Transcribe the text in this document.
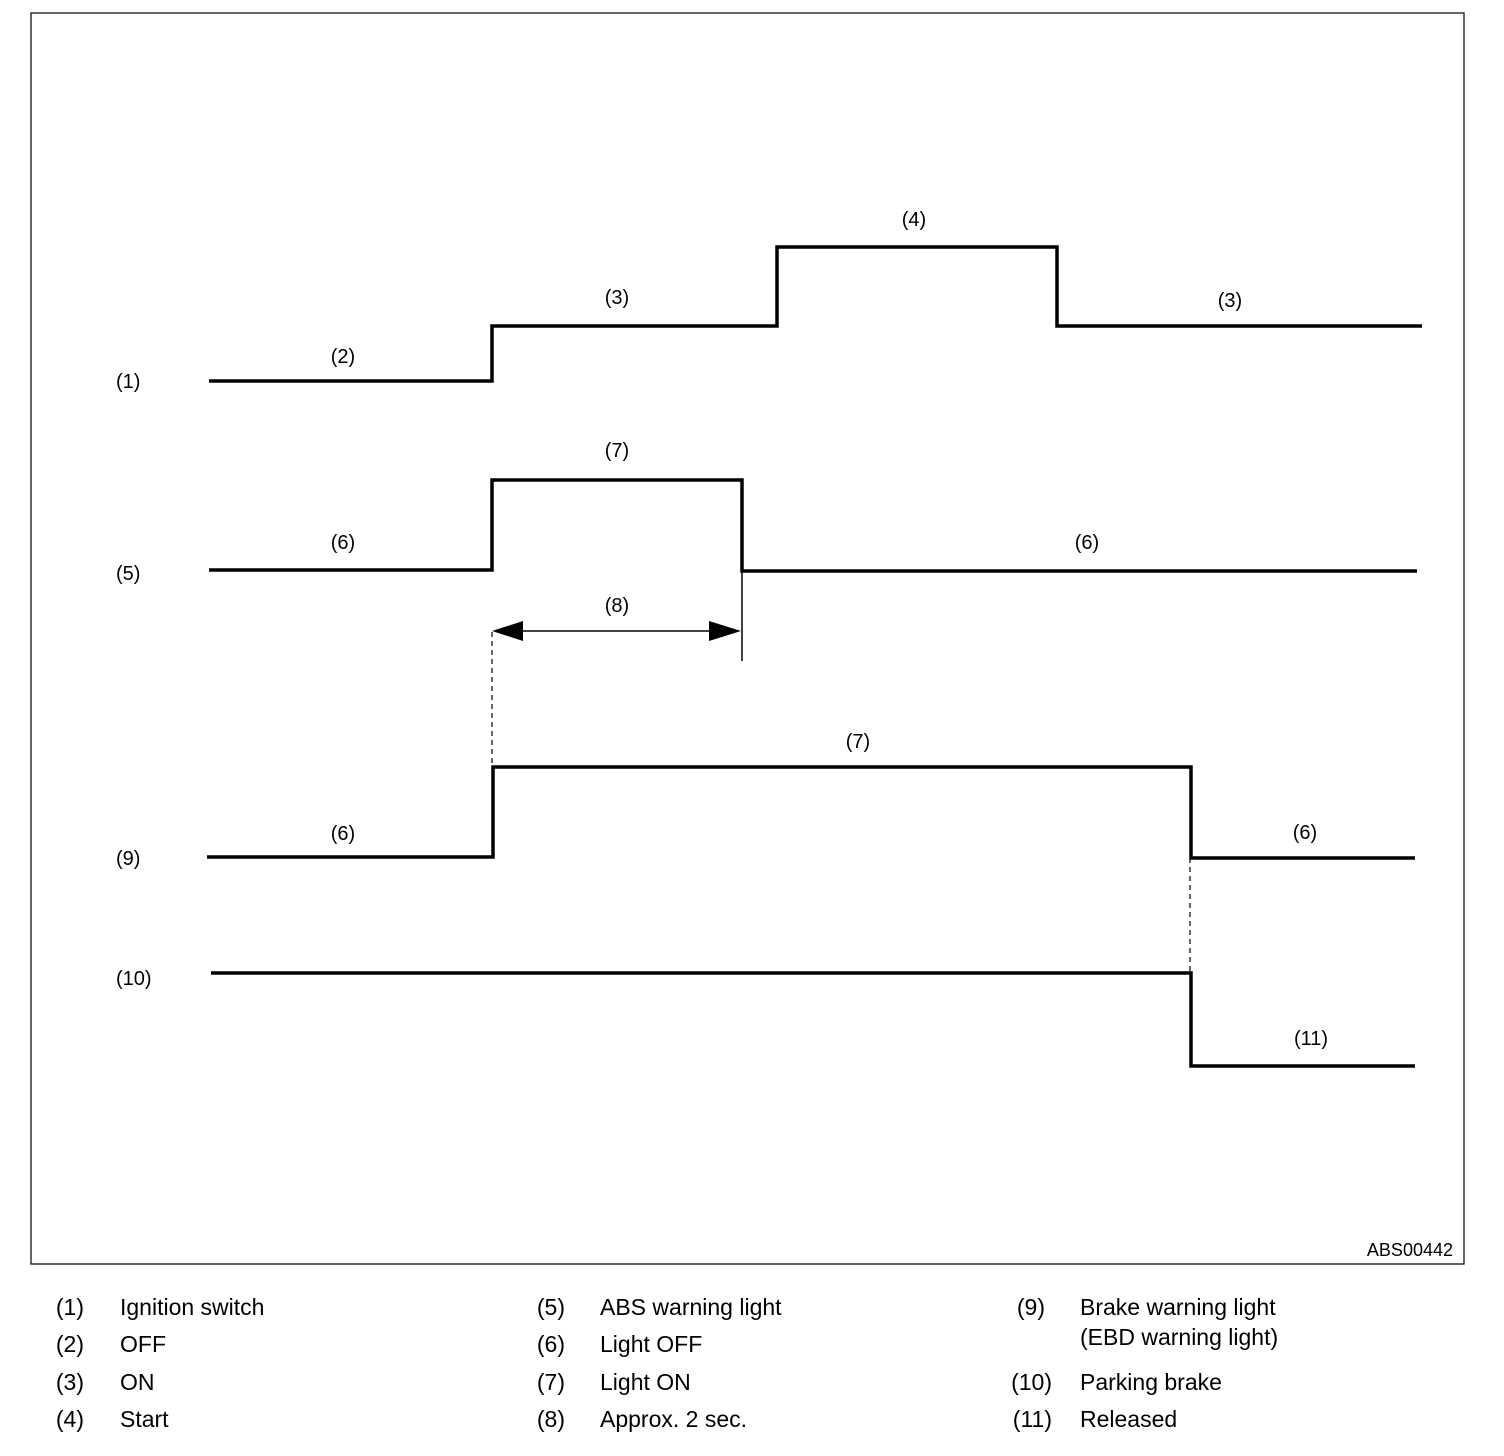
(1)
(2)
(3)
(4)
(3)
(5)
(6)
(7)
(6)
(8)
(9)
(6)
(7)
(6)
(10)
(11)
ABS00442
(1) Ignition switch
(2) OFF
(3) ON
(4) Start
(5) ABS warning light
(6) Light OFF
(7) Light ON
(8) Approx. 2 sec.
(9) Brake warning light
(EBD warning light)
(10) Parking brake
(11) Released
